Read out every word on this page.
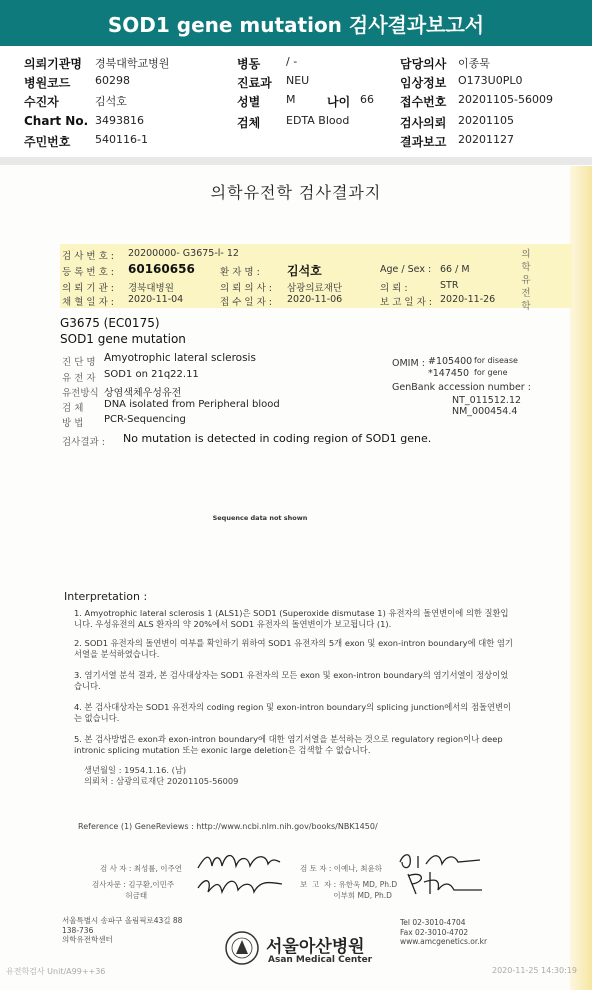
SOD1 gene mutation 검사결과보고서
의뢰기관명 경북대학교병원	병동 / -	담당의사 이종묵
병원코드 60298	진료과 NEU	임상정보 O173U0PL0
수진자	김석호	성별 M	나이 66 접수번호 20201105-56009
Chart No. 3493816	검체 EDTA Blood	검사의뢰 20201105
주민번호 540116-1	결과보고 20201127
의학유전학 검사결과지
의
학
유
전
학
검 사 번 호 : 20200000- G3675-l- 12
등 록 번 호 : 60160656	환 자 명 : 김석호	Age / Sex : 66 / M
의 뢰 기 관 : 경북대병원	의 뢰 의 사 : 삼광의료재단	의 뢰 :	STR
채 혈 일 자 : 2020-11-04	접 수 일 자 : 2020-11-06	보 고 일 자 : 2020-11-26
G3675 (EC0175)
SOD1 gene mutation
진 단 명 Amyotrophic lateral sclerosis
유 전 자 SOD1 on 21q22.11
유전방식 상염색체우성유전
검 체 DNA isolated from Peripheral blood
방 법 PCR-Sequencing
OMIM : #105400 for disease
*147450 for gene
GenBank accession number :
NT_011512.12
NM_000454.4
검사결과 : No mutation is detected in coding region of SOD1 gene.
Sequence data not shown
Interpretation :
1. Amyotrophic lateral sclerosis 1 (ALS1)은 SOD1 (Superoxide dismutase 1) 유전자의 돌연변이에 의한 질환입니다. 우성유전의 ALS 환자의 약 20%에서 SOD1 유전자의 돌연변이가 보고됩니다 (1).
2. SOD1 유전자의 돌연변이 여부를 확인하기 위하여 SOD1 유전자의 5개 exon 및 exon-intron boundary에 대한 염기서열을 분석하였습니다.
3. 염기서열 분석 결과, 본 검사대상자는 SOD1 유전자의 모든 exon 및 exon-intron boundary의 염기서열이 정상이었습니다.
4. 본 검사대상자는 SOD1 유전자의 coding region 및 exon-intron boundary의 splicing junction에서의 점돌연변이는 없습니다.
5. 본 검사방법은 exon과 exon-intron boundary에 대한 염기서열을 분석하는 것으로 regulatory region이나 deep intronic splicing mutation 또는 exonic large deletion은 검색할 수 없습니다.
생년월일 : 1954.1.16. (남)
의뢰처 : 삼광의료재단 20201105-56009
Reference (1) GeneReviews : http://www.ncbi.nlm.nih.gov/books/NBK1450/
검 사 자 : 최성률, 이주연	검 토 자 : 이예나, 최윤하
검사자문 : 김구환,이민주
허금태
보  고  자 : 유한욱 MD, Ph.D
이부희 MD, Ph.D
서울특별시 송파구 올림픽로43길 88
138-736
의학유전학센터
Tel 02-3010-4704
Fax 02-3010-4702
www.amcgenetics.or.kr
서울아산병원
Asan Medical Center
유전학검사 Unit/A99++36	2020-11-25 14:30:19
